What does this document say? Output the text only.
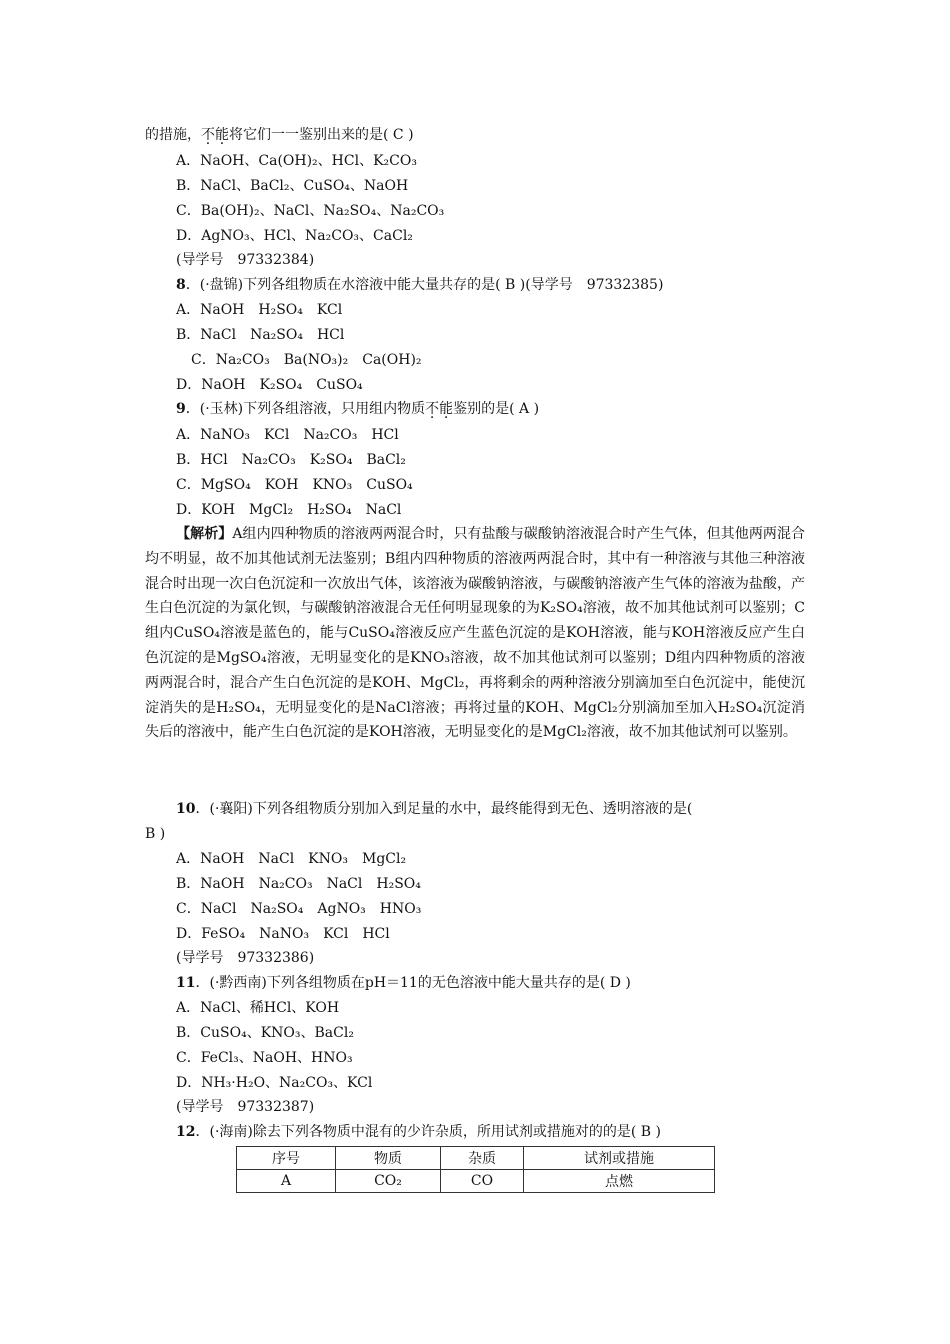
的措施，不能将它们一一鉴别出来的是( C )
A．NaOH、Ca(OH)₂、HCl、K₂CO₃
B．NaCl、BaCl₂、CuSO₄、NaOH
C．Ba(OH)₂、NaCl、Na₂SO₄、Na₂CO₃
D．AgNO₃、HCl、Na₂CO₃、CaCl₂
(导学号　97332384)
8．(·盘锦)下列各组物质在水溶液中能大量共存的是( B )(导学号　97332385)
A．NaOH　H₂SO₄　KCl
B．NaCl　Na₂SO₄　HCl
C．Na₂CO₃　Ba(NO₃)₂　Ca(OH)₂
D．NaOH　K₂SO₄　CuSO₄
9．(·玉林)下列各组溶液，只用组内物质不能鉴别的是( A )
A．NaNO₃　KCl　Na₂CO₃　HCl
B．HCl　Na₂CO₃　K₂SO₄　BaCl₂
C．MgSO₄　KOH　KNO₃　CuSO₄
D．KOH　MgCl₂　H₂SO₄　NaCl
【解析】A组内四种物质的溶液两两混合时，只有盐酸与碳酸钠溶液混合时产生气体，但其他两两混合均不明显，故不加其他试剂无法鉴别；B组内四种物质的溶液两两混合时，其中有一种溶液与其他三种溶液混合时出现一次白色沉淀和一次放出气体，该溶液为碳酸钠溶液，与碳酸钠溶液产生气体的溶液为盐酸，产生白色沉淀的为氯化钡，与碳酸钠溶液混合无任何明显现象的为K₂SO₄溶液，故不加其他试剂可以鉴别；C组内CuSO₄溶液是蓝色的，能与CuSO₄溶液反应产生蓝色沉淀的是KOH溶液，能与KOH溶液反应产生白色沉淀的是MgSO₄溶液，无明显变化的是KNO₃溶液，故不加其他试剂可以鉴别；D组内四种物质的溶液两两混合时，混合产生白色沉淀的是KOH、MgCl₂，再将剩余的两种溶液分别滴加至白色沉淀中，能使沉淀消失的是H₂SO₄，无明显变化的是NaCl溶液；再将过量的KOH、MgCl₂分别滴加至加入H₂SO₄沉淀消失后的溶液中，能产生白色沉淀的是KOH溶液，无明显变化的是MgCl₂溶液，故不加其他试剂可以鉴别。
10．(·襄阳)下列各组物质分别加入到足量的水中，最终能得到无色、透明溶液的是(
B )
A．NaOH　NaCl　KNO₃　MgCl₂
B．NaOH　Na₂CO₃　NaCl　H₂SO₄
C．NaCl　Na₂SO₄　AgNO₃　HNO₃
D．FeSO₄　NaNO₃　KCl　HCl
(导学号　97332386)
11．(·黔西南)下列各组物质在pH＝11的无色溶液中能大量共存的是( D )
A．NaCl、稀HCl、KOH
B．CuSO₄、KNO₃、BaCl₂
C．FeCl₃、NaOH、HNO₃
D．NH₃·H₂O、Na₂CO₃、KCl
(导学号　97332387)
12．(·海南)除去下列各物质中混有的少许杂质，所用试剂或措施对的的是( B )
序号	物质	杂质	试剂或措施
A	CO₂	CO	点燃
